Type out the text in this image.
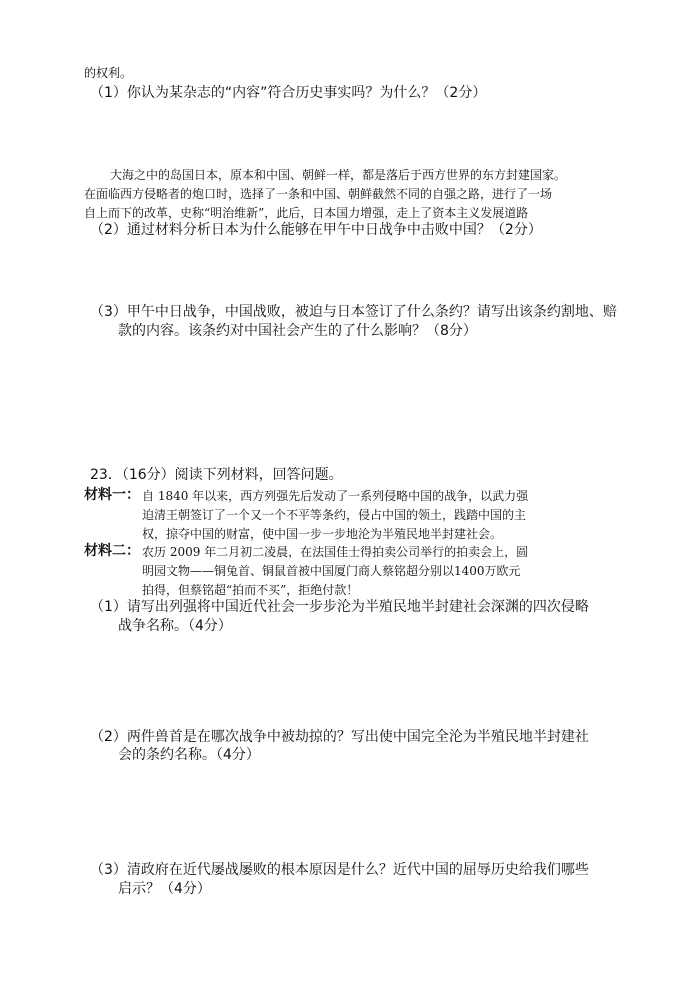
的权利。
（1）你认为某杂志的“内容”符合历史事实吗？为什么？（2分）
大海之中的岛国日本，原本和中国、朝鲜一样，都是落后于西方世界的东方封建国家。
在面临西方侵略者的炮口时，选择了一条和中国、朝鲜截然不同的自强之路，进行了一场
自上而下的改革，史称“明治维新”，此后，日本国力增强，走上了资本主义发展道路
（2）通过材料分析日本为什么能够在甲午中日战争中击败中国？（2分）
（3）甲午中日战争，中国战败，被迫与日本签订了什么条约？请写出该条约割地、赔
款的内容。该条约对中国社会产生的了什么影响？（8分）
23．（16分）阅读下列材料，回答问题。
材料一： 自 1840 年以来，西方列强先后发动了一系列侵略中国的战争，以武力强
迫清王朝签订了一个又一个不平等条约，侵占中国的领土，践踏中国的主
权，掠夺中国的财富，使中国一步一步地沦为半殖民地半封建社会。
材料二： 农历 2009 年二月初二凌晨，在法国佳士得拍卖公司举行的拍卖会上，圆
明园文物——铜兔首、铜鼠首被中国厦门商人蔡铭超分别以1400万欧元
拍得，但蔡铭超“拍而不买”，拒绝付款！
（1）请写出列强将中国近代社会一步步沦为半殖民地半封建社会深渊的四次侵略
战争名称。（4分）
（2）两件兽首是在哪次战争中被劫掠的？写出使中国完全沦为半殖民地半封建社
会的条约名称。（4分）
（3）清政府在近代屡战屡败的根本原因是什么？近代中国的屈辱历史给我们哪些
启示？（4分）
